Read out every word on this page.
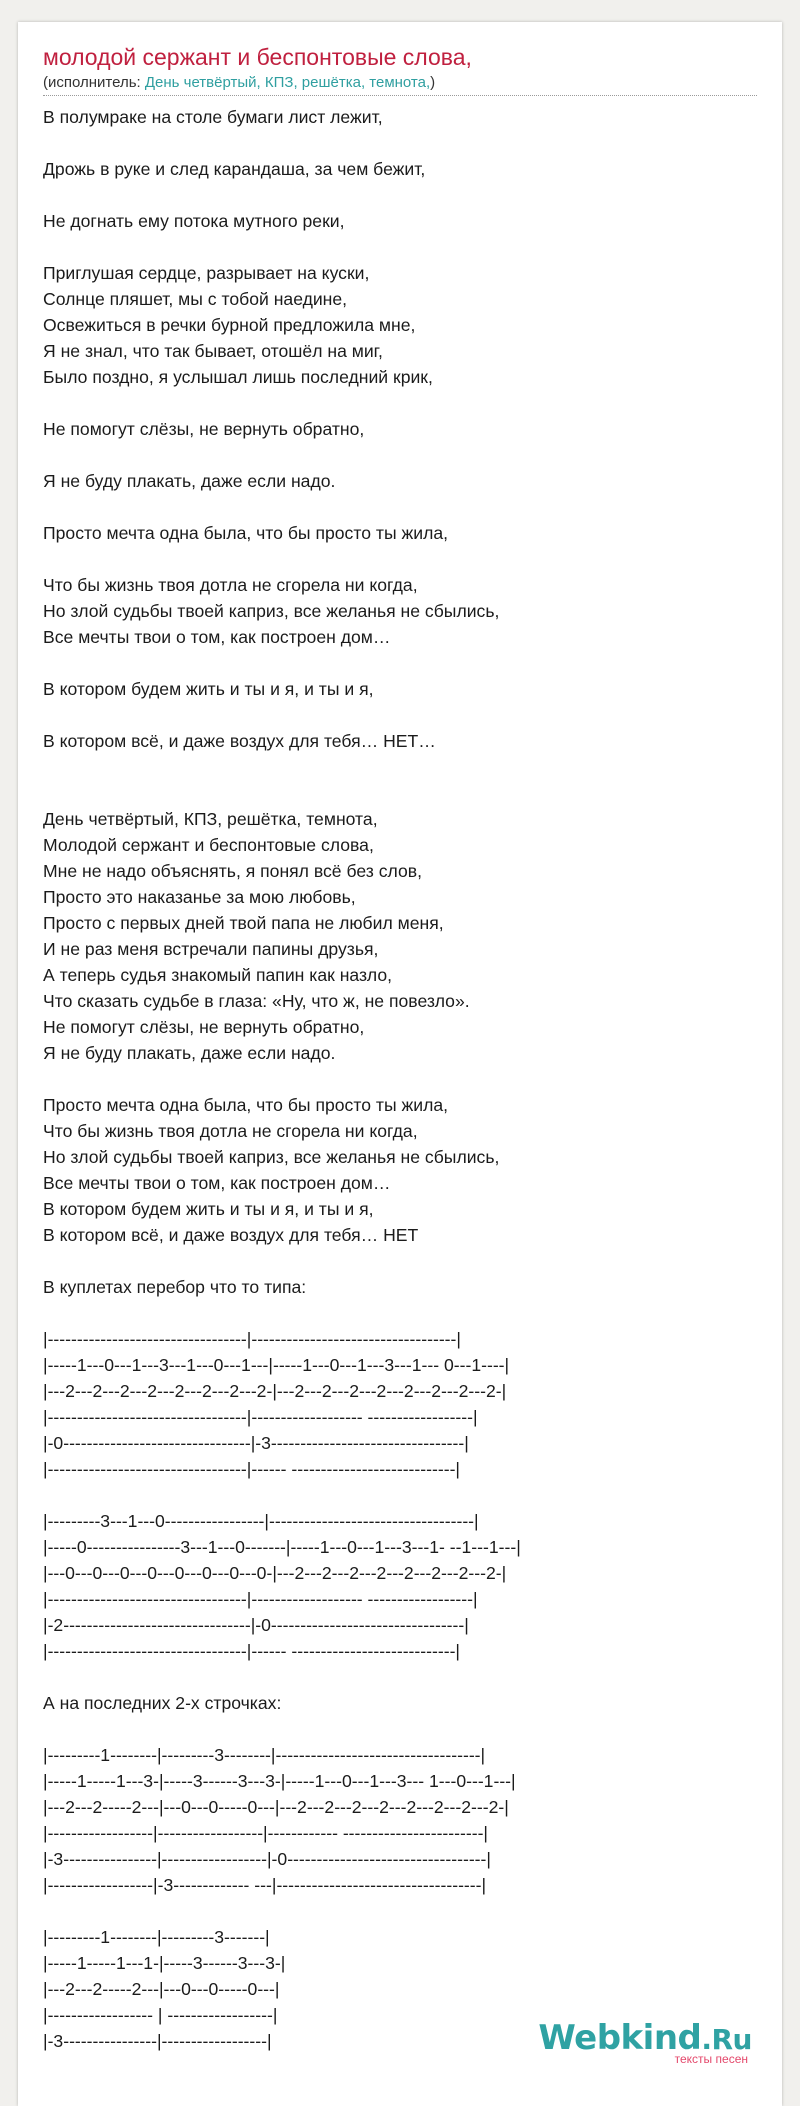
молодой сержант и беспонтовые слова,
(исполнитель: День четвёртый, КПЗ, решётка, темнота,)
В полумраке на столе бумаги лист лежит,

Дрожь в руке и след карандаша, за чем бежит,

Не догнать ему потока мутного реки,

Приглушая сердце, разрывает на куски,
Солнце пляшет, мы с тобой наедине,
Освежиться в речки бурной предложила мне,
Я не знал, что так бывает, отошёл на миг,
Было поздно, я услышал лишь последний крик,

Не помогут слёзы, не вернуть обратно,

Я не буду плакать, даже если надо.

Просто мечта одна была, что бы просто ты жила,

Что бы жизнь твоя дотла не сгорела ни когда,
Но злой судьбы твоей каприз, все желанья не сбылись,
Все мечты твои о том, как построен дом…

В котором будем жить и ты и я, и ты и я,

В котором всё, и даже воздух для тебя… НЕТ…

День четвёртый, КПЗ, решётка, темнота,
Молодой сержант и беспонтовые слова,
Мне не надо объяснять, я понял всё без слов,
Просто это наказанье за мою любовь,
Просто с первых дней твой папа не любил меня,
И не раз меня встречали папины друзья,
А теперь судья знакомый папин как назло,
Что сказать судьбе в глаза: «Ну, что ж, не повезло».
Не помогут слёзы, не вернуть обратно,
Я не буду плакать, даже если надо.

Просто мечта одна была, что бы просто ты жила,
Что бы жизнь твоя дотла не сгорела ни когда,
Но злой судьбы твоей каприз, все желанья не сбылись,
Все мечты твои о том, как построен дом…
В котором будем жить и ты и я, и ты и я,
В котором всё, и даже воздух для тебя… НЕТ

В куплетах перебор что то типа:

|----------------------------------|-----------------------------------|
|-----1---0---1---3---1---0---1---|-----1---0---1---3---1--- 0---1----|
|---2---2---2---2---2---2---2---2-|---2---2---2---2---2---2---2---2-|
|----------------------------------|------------------- ------------------|
|-0--------------------------------|-3---------------------------------|
|----------------------------------|------ ----------------------------|

|---------3---1---0-----------------|-----------------------------------|
|-----0----------------3---1---0-------|-----1---0---1---3---1- --1---1---|
|---0---0---0---0---0---0---0---0-|---2---2---2---2---2---2---2---2-|
|----------------------------------|------------------- ------------------|
|-2--------------------------------|-0---------------------------------|
|----------------------------------|------ ----------------------------|

А на последних 2-х строчках:

|---------1--------|---------3--------|-----------------------------------|
|-----1-----1---3-|-----3------3---3-|-----1---0---1---3--- 1---0---1---|
|---2---2-----2---|---0---0-----0---|---2---2---2---2---2---2---2---2-|
|------------------|------------------|------------ ------------------------|
|-3----------------|------------------|-0----------------------------------|
|------------------|-3------------- ---|-----------------------------------|

|---------1--------|---------3-------|
|-----1-----1---1-|-----3------3---3-|
|---2---2-----2---|---0---0-----0---|
|------------------ | ------------------|
|-3----------------|------------------|	Webkind.Ru
тексты песен
